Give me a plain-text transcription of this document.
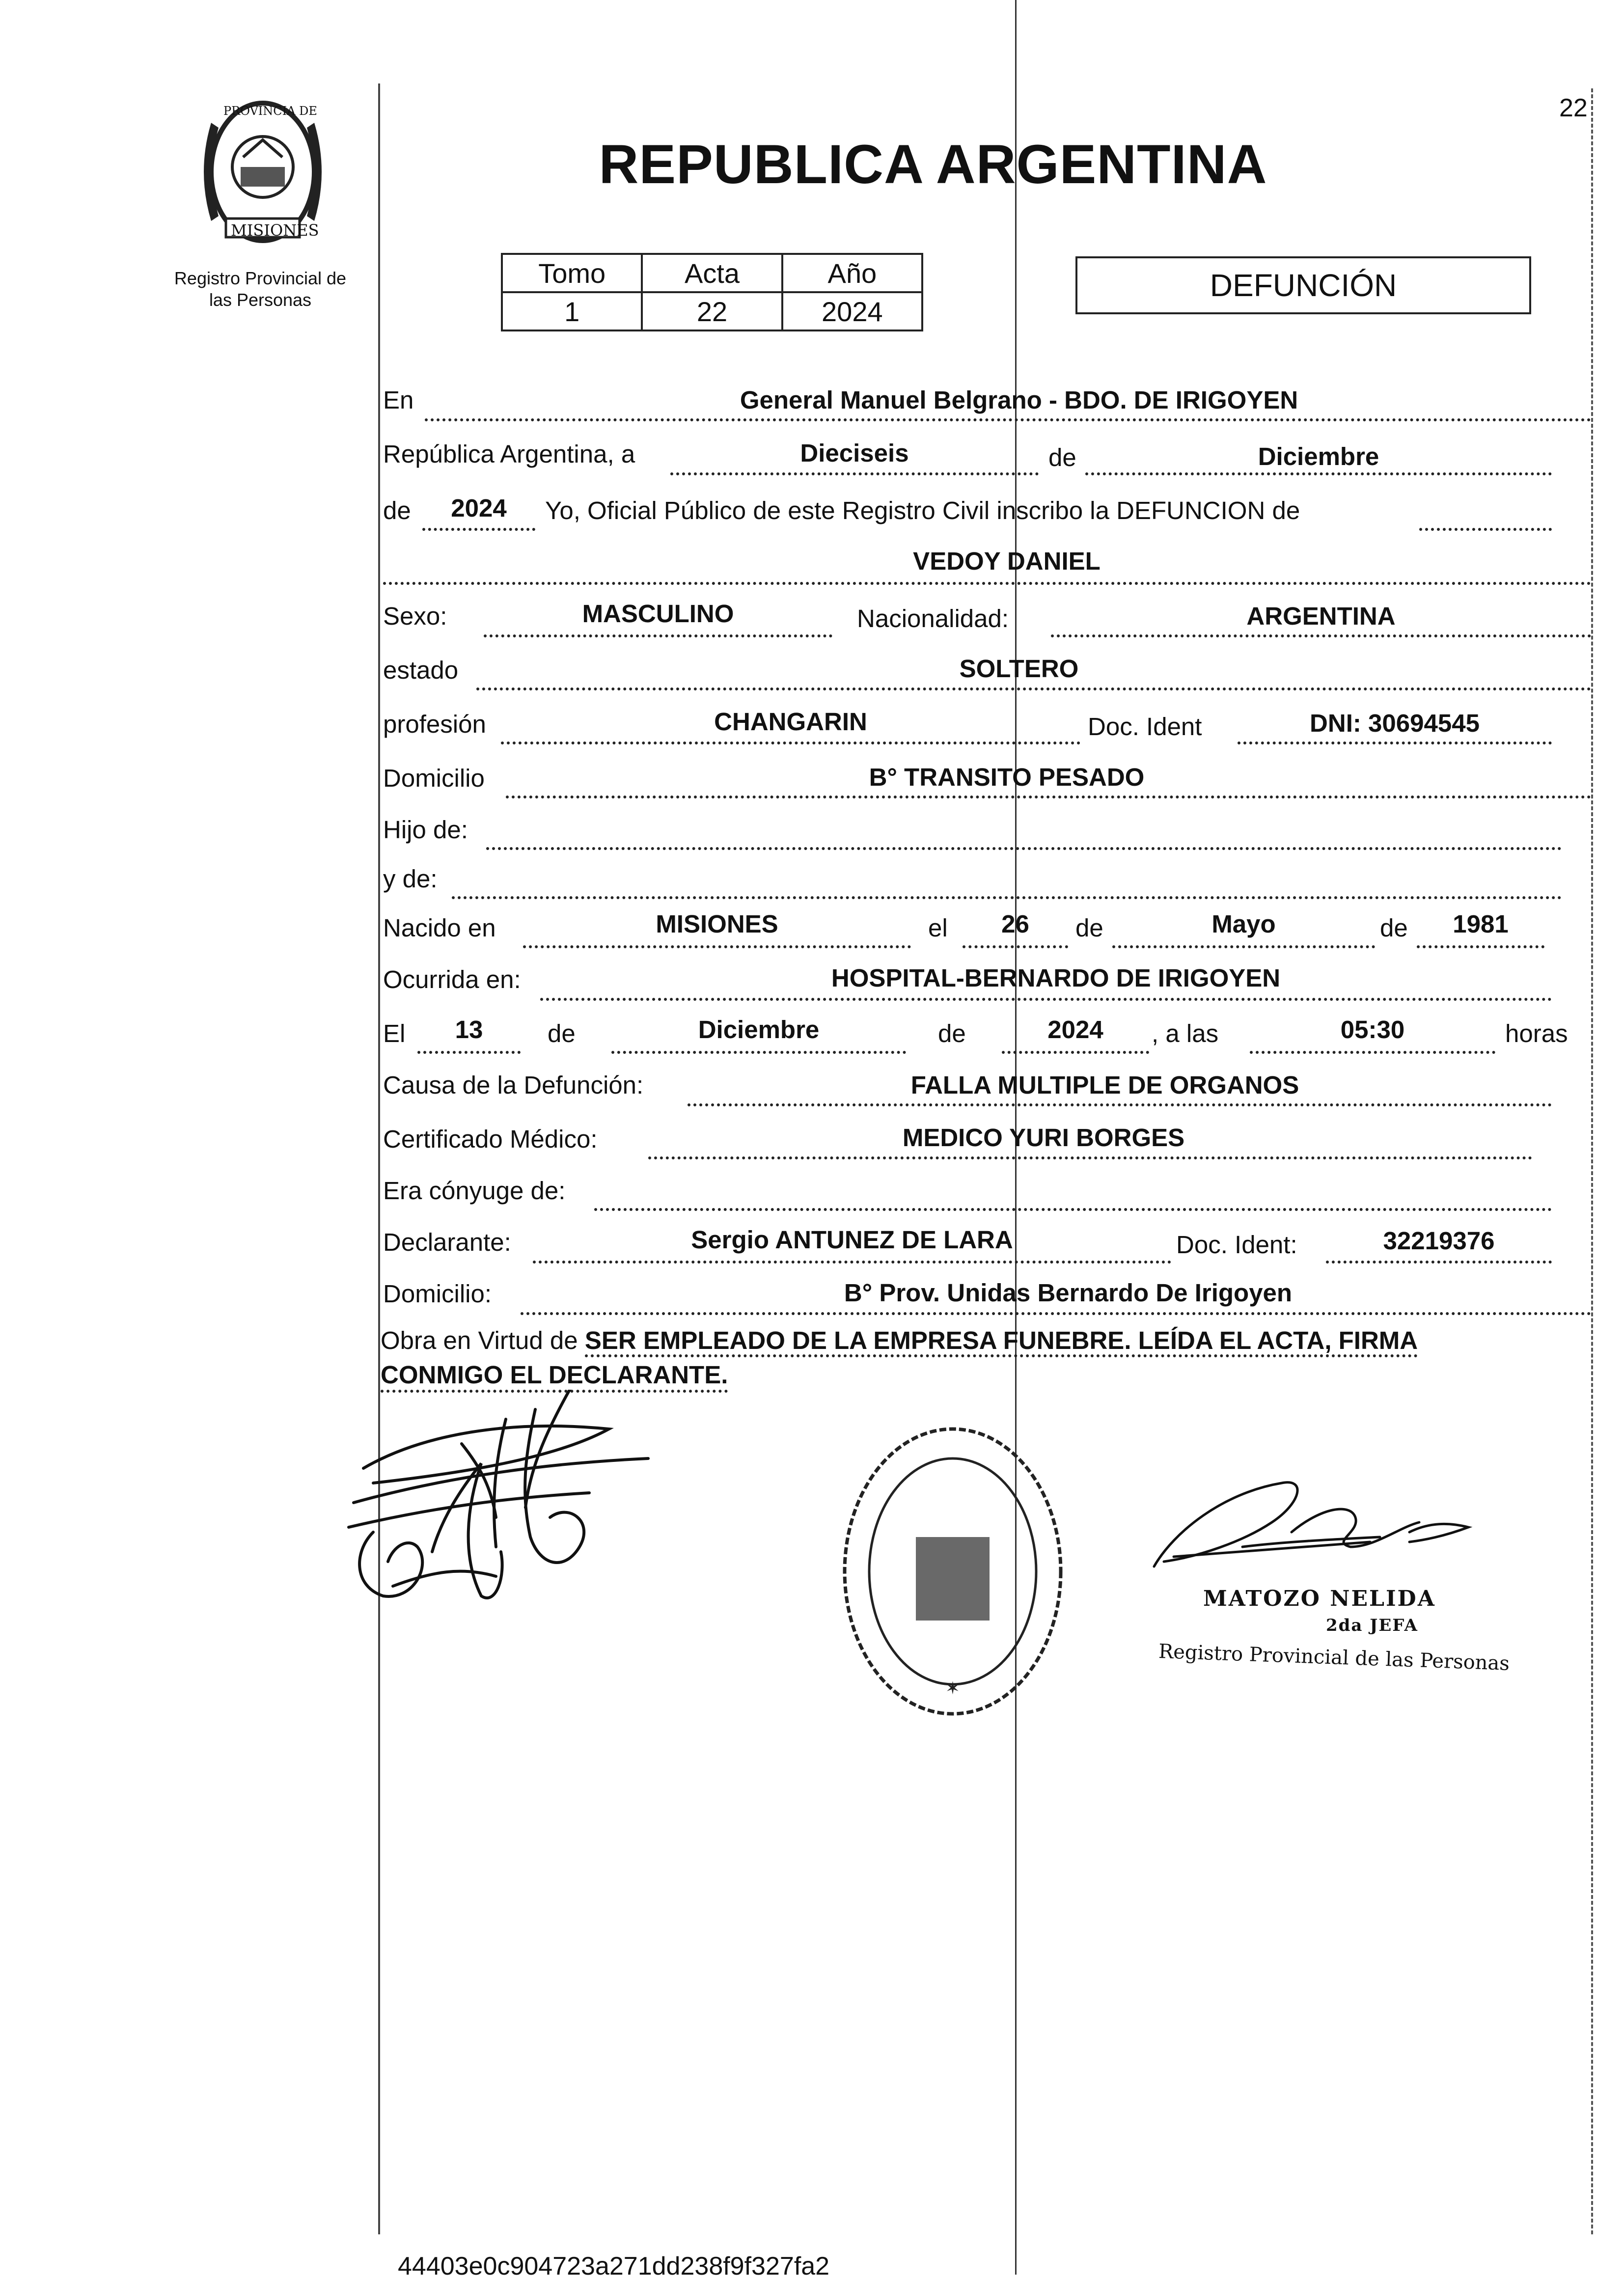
22
PROVINCIA DE
MISIONES
Registro Provincial de
las Personas
REPUBLICA ARGENTINA
Tomo	Acta	Año
1	22	2024
DEFUNCIÓN
En	General Manuel Belgrano - BDO. DE IRIGOYEN
República Argentina, a	Dieciseis	de	Diciembre
de	2024	Yo, Oficial Público de este Registro Civil inscribo la DEFUNCION de
VEDOY DANIEL
Sexo:	MASCULINO	Nacionalidad:	ARGENTINA
estado	SOLTERO
profesión	CHANGARIN	Doc. Ident	DNI: 30694545
Domicilio	B° TRANSITO PESADO
Hijo de:
y de:
Nacido en	MISIONES	el	26	de	Mayo	de	1981
Ocurrida en:	HOSPITAL-BERNARDO DE IRIGOYEN
El	13	de	Diciembre	de	2024	, a las	05:30	horas
Causa de la Defunción:	FALLA MULTIPLE DE ORGANOS
Certificado Médico:	MEDICO YURI BORGES
Era cónyuge de:
Declarante:	Sergio ANTUNEZ DE LARA	Doc. Ident:	32219376
Domicilio:	B° Prov. Unidas Bernardo De Irigoyen
Obra en Virtud de SER EMPLEADO DE LA EMPRESA FUNEBRE. LEÍDA EL ACTA, FIRMA
CONMIGO EL DECLARANTE.
✶
MATOZO NELIDA
2da JEFA
Registro Provincial de las Personas
44403e0c904723a271dd238f9f327fa2
